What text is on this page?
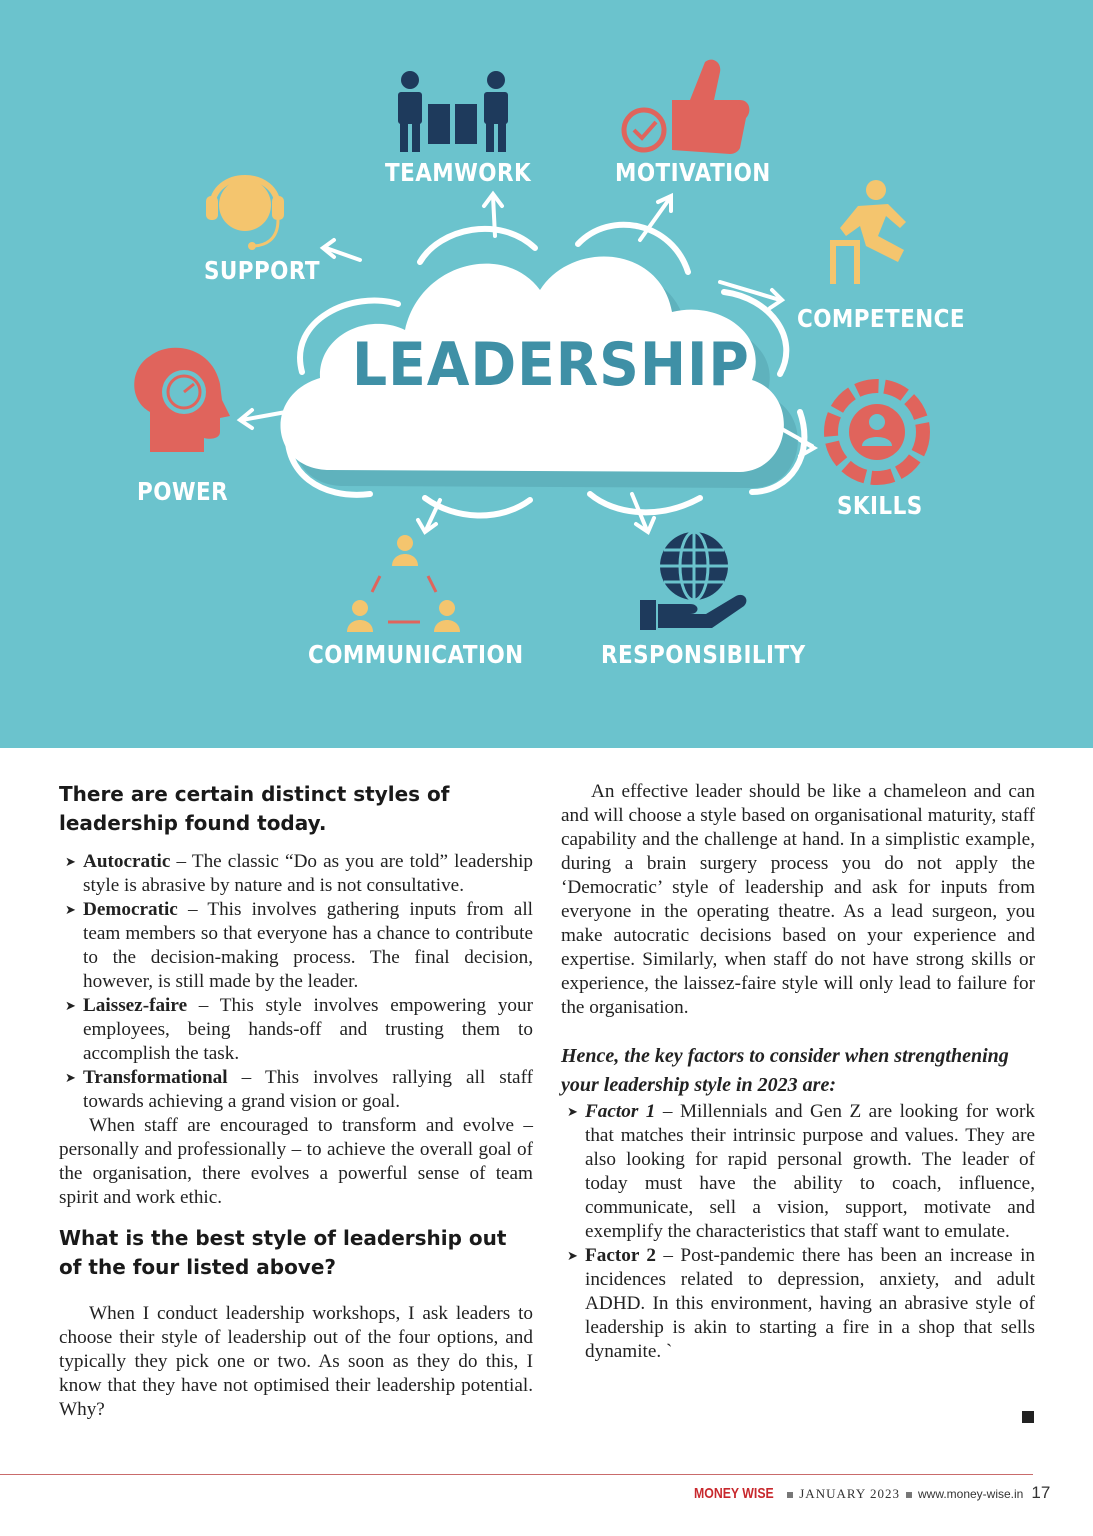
LEADERSHIP
TEAMWORK	MOTIVATION
SUPPORT
COMPETENCE
POWER	SKILLS
COMMUNICATION	RESPONSIBILITY
There are certain distinct styles of leadership found today.
➤ Autocratic – The classic “Do as you are told” leadership style is abrasive by nature and is not consultative.
➤ Democratic – This involves gathering inputs from all team members so that everyone has a chance to contribute to the decision-making process. The final decision, however, is still made by the leader.
➤ Laissez-faire – This style involves empowering your employees, being hands-off and trusting them to accomplish the task.
➤ Transformational – This involves rallying all staff towards achieving a grand vision or goal.

When staff are encouraged to transform and evolve – personally and professionally – to achieve the overall goal of the organisation, there evolves a powerful sense of team spirit and work ethic.

What is the best style of leadership out of the four listed above?

When I conduct leadership workshops, I ask leaders to choose their style of leadership out of the four options, and typically they pick one or two. As soon as they do this, I know that they have not optimised their leadership potential. Why?

An effective leader should be like a chameleon and can and will choose a style based on organisational maturity, staff capability and the challenge at hand. In a simplistic example, during a brain surgery process you do not apply the ‘Democratic’ style of leadership and ask for inputs from everyone in the operating theatre. As a lead surgeon, you make autocratic decisions based on your experience and expertise. Similarly, when staff do not have strong skills or experience, the laissez-faire style will only lead to failure for the organisation.

Hence, the key factors to consider when strengthening your leadership style in 2023 are:
➤ Factor 1 – Millennials and Gen Z are looking for work that matches their intrinsic purpose and values. They are also looking for rapid personal growth. The leader of today must have the ability to coach, influence, communicate, sell a vision, support, motivate and exemplify the characteristics that staff want to emulate.
➤ Factor 2 – Post-pandemic there has been an increase in incidences related to depression, anxiety, and adult ADHD. In this environment, having an abrasive style of leadership is akin to starting a fire in a shop that sells dynamite. `
MONEY WISE JANUARY 2023 www.money-wise.in 17
